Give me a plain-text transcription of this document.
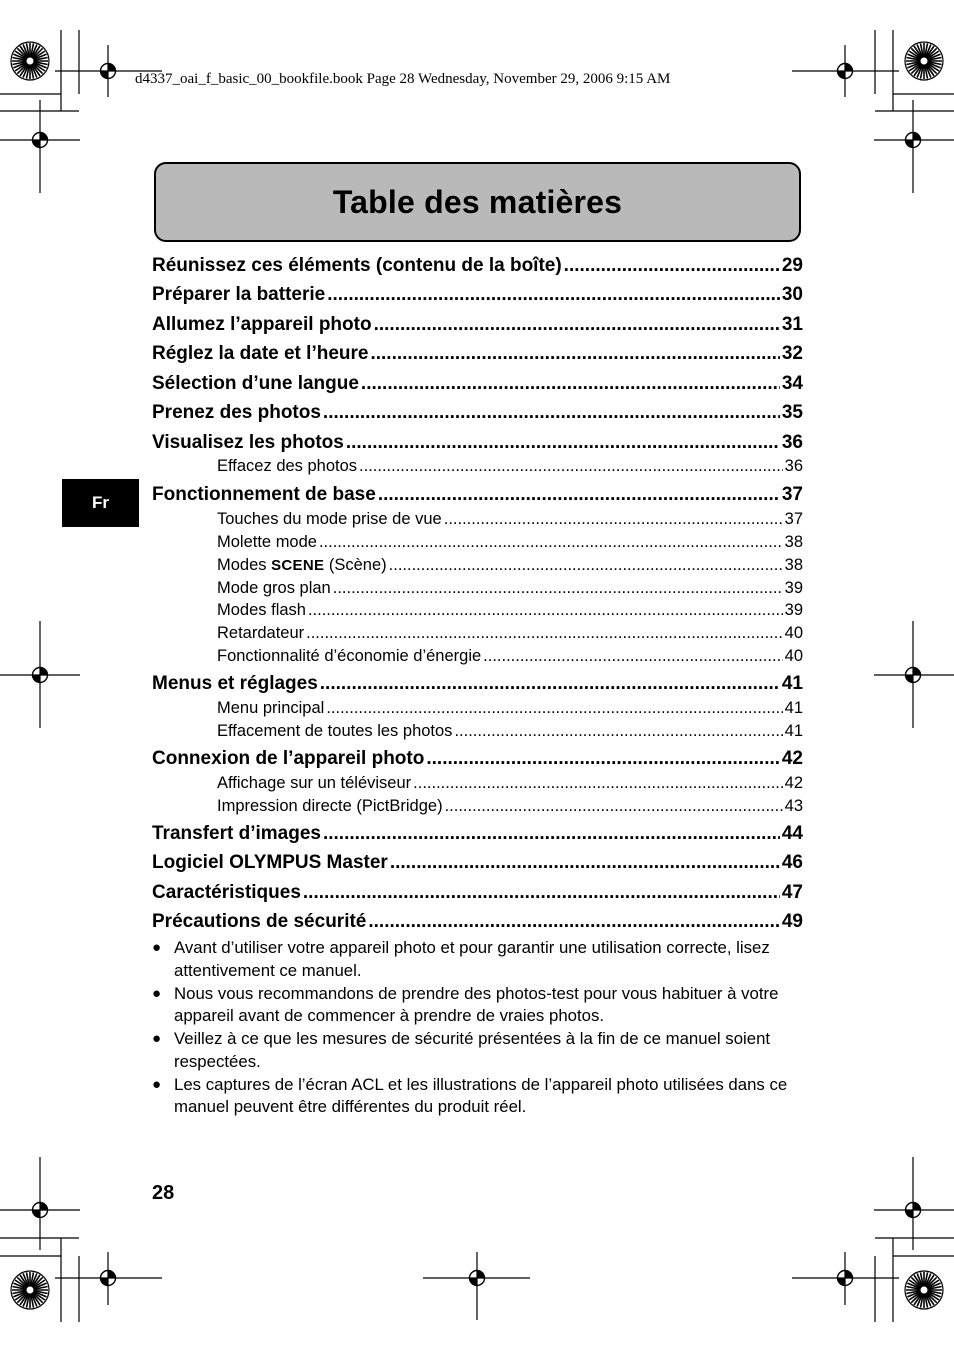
d4337_oai_f_basic_00_bookfile.book Page 28 Wednesday, November 29, 2006 9:15 AM
Table des matières
Fr
Réunissez ces éléments (contenu de la boîte) .....	29
Préparer la batterie .....	30
Allumez l’appareil photo .....	31
Réglez la date et l’heure .....	32
Sélection d’une langue .....	34
Prenez des photos .....	35
Visualisez les photos .....	36
Effacez des photos .....	36
Fonctionnement de base .....	37
Touches du mode prise de vue .....	37
Molette mode .....	38
Modes SCENE (Scène) .....	38
Mode gros plan .....	39
Modes flash .....	39
Retardateur .....	40
Fonctionnalité d’économie d’énergie .....	40
Menus et réglages .....	41
Menu principal .....	41
Effacement de toutes les photos .....	41
Connexion de l’appareil photo .....	42
Affichage sur un téléviseur .....	42
Impression directe (PictBridge) .....	43
Transfert d’images .....	44
Logiciel OLYMPUS Master .....	46
Caractéristiques .....	47
Précautions de sécurité .....	49
● Avant d’utiliser votre appareil photo et pour garantir une utilisation correcte, lisez attentivement ce manuel.
● Nous vous recommandons de prendre des photos-test pour vous habituer à votre appareil avant de commencer à prendre de vraies photos.
● Veillez à ce que les mesures de sécurité présentées à la fin de ce manuel soient respectées.
● Les captures de l’écran ACL et les illustrations de l’appareil photo utilisées dans ce manuel peuvent être différentes du produit réel.
28
